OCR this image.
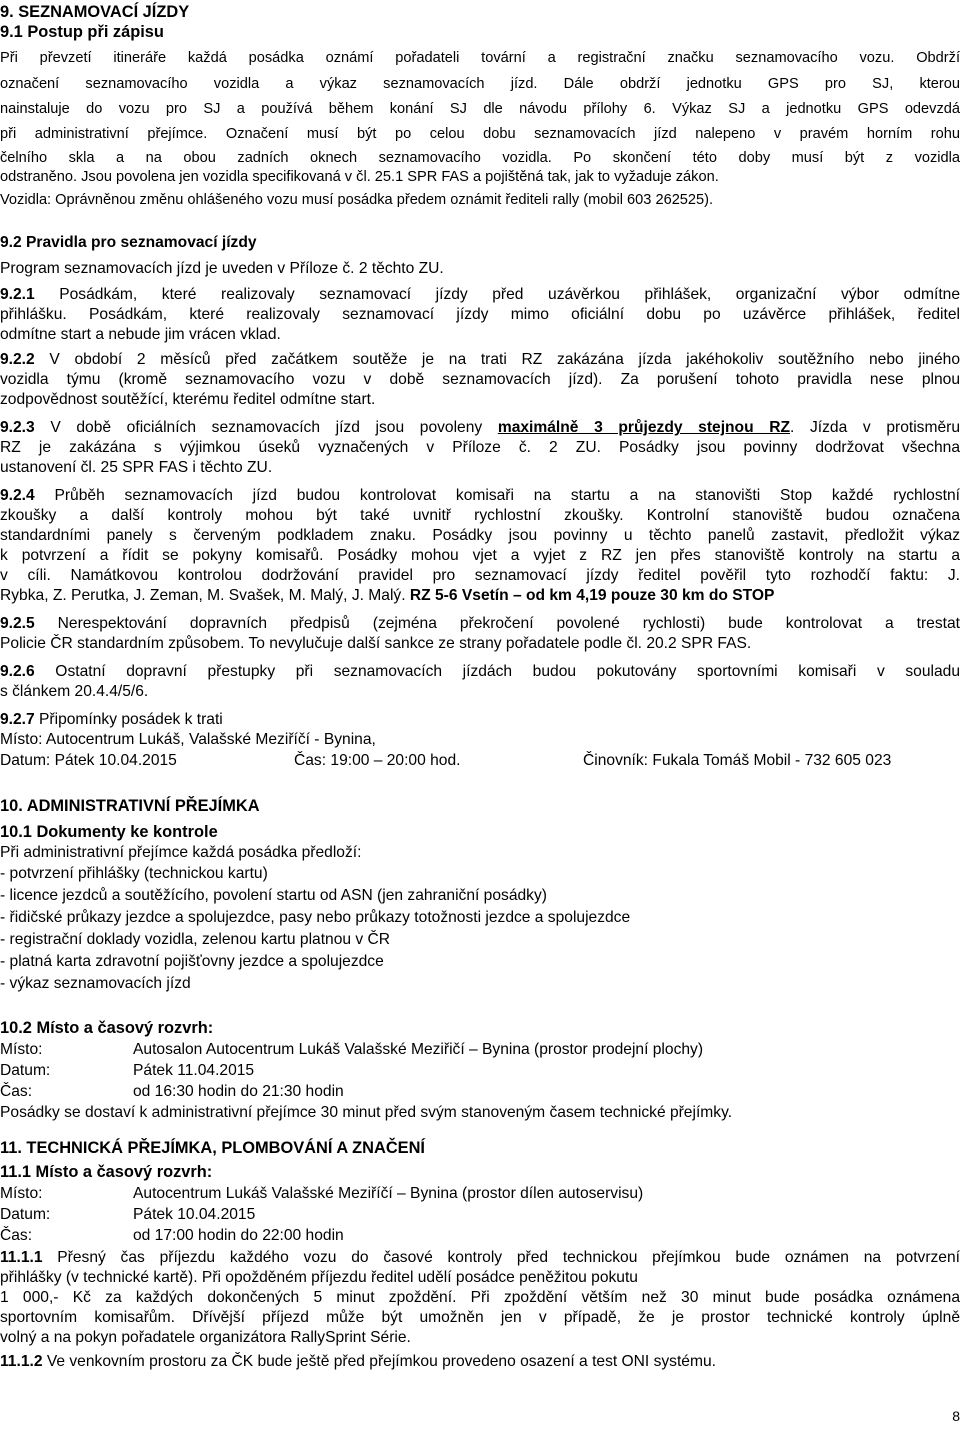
9. SEZNAMOVACÍ JÍZDY
9.1 Postup při zápisu
Při převzetí itineráře každá posádka oznámí pořadateli tovární a registrační značku seznamovacího vozu. Obdrží
označení seznamovacího vozidla a výkaz seznamovacích jízd. Dále obdrží jednotku GPS pro SJ, kterou
nainstaluje do vozu pro SJ a používá během konání SJ dle návodu přílohy 6. Výkaz SJ a jednotku GPS odevzdá
při administrativní přejímce. Označení musí být po celou dobu seznamovacích jízd nalepeno v pravém horním rohu
čelního skla a na obou zadních oknech seznamovacího vozidla. Po skončení této doby musí být z vozidla
odstraněno. Jsou povolena jen vozidla specifikovaná v čl. 25.1 SPR FAS a pojištěná tak, jak to vyžaduje zákon.
Vozidla: Oprávněnou změnu ohlášeného vozu musí posádka předem oznámit řediteli rally (mobil 603 262525).
9.2 Pravidla pro seznamovací jízdy
Program seznamovacích jízd je uveden v Příloze č. 2 těchto ZU.
9.2.1 Posádkám, které realizovaly seznamovací jízdy před uzávěrkou přihlášek, organizační výbor odmítne
přihlášku. Posádkám, které realizovaly seznamovací jízdy mimo oficiální dobu po uzávěrce přihlášek, ředitel
odmítne start a nebude jim vrácen vklad.
9.2.2 V období 2 měsíců před začátkem soutěže je na trati RZ zakázána jízda jakéhokoliv soutěžního nebo jiného
vozidla týmu (kromě seznamovacího vozu v době seznamovacích jízd). Za porušení tohoto pravidla nese plnou
zodpovědnost soutěžící, kterému ředitel odmítne start.
9.2.3 V době oficiálních seznamovacích jízd jsou povoleny maximálně 3 průjezdy stejnou RZ. Jízda v protisměru
RZ je zakázána s výjimkou úseků vyznačených v Příloze č. 2 ZU. Posádky jsou povinny dodržovat všechna
ustanovení čl. 25 SPR FAS i těchto ZU.
9.2.4 Průběh seznamovacích jízd budou kontrolovat komisaři na startu a na stanovišti Stop každé rychlostní
zkoušky a další kontroly mohou být také uvnitř rychlostní zkoušky. Kontrolní stanoviště budou označena
standardními panely s červeným podkladem znaku. Posádky jsou povinny u těchto panelů zastavit, předložit výkaz
k potvrzení a řídit se pokyny komisařů. Posádky mohou vjet a vyjet z RZ jen přes stanoviště kontroly na startu a
v cíli. Namátkovou kontrolou dodržování pravidel pro seznamovací jízdy ředitel pověřil tyto rozhodčí faktu: J.
Rybka, Z. Perutka, J. Zeman, M. Svašek, M. Malý, J. Malý. RZ 5-6 Vsetín – od km 4,19 pouze 30 km do STOP
9.2.5 Nerespektování dopravních předpisů (zejména překročení povolené rychlosti) bude kontrolovat a trestat
Policie ČR standardním způsobem. To nevylučuje další sankce ze strany pořadatele podle čl. 20.2 SPR FAS.
9.2.6 Ostatní dopravní přestupky při seznamovacích jízdách budou pokutovány sportovními komisaři v souladu
s článkem 20.4.4/5/6.
9.2.7 Připomínky posádek k trati
Místo: Autocentrum Lukáš, Valašské Meziříčí - Bynina,
Datum: Pátek 10.04.2015	Čas: 19:00 – 20:00 hod.	Činovník: Fukala Tomáš Mobil - 732 605 023
10. ADMINISTRATIVNÍ PŘEJÍMKA
10.1 Dokumenty ke kontrole
Při administrativní přejímce každá posádka předloží:
- potvrzení přihlášky (technickou kartu)
- licence jezdců a soutěžícího, povolení startu od ASN (jen zahraniční posádky)
- řidičské průkazy jezdce a spolujezdce, pasy nebo průkazy totožnosti jezdce a spolujezdce
- registrační doklady vozidla, zelenou kartu platnou v ČR
- platná karta zdravotní pojišťovny jezdce a spolujezdce
- výkaz seznamovacích jízd
10.2 Místo a časový rozvrh:
Místo:	Autosalon Autocentrum Lukáš Valašské Meziřičí – Bynina (prostor prodejní plochy)
Datum:	Pátek 11.04.2015
Čas:	od 16:30 hodin do 21:30 hodin
Posádky se dostaví k administrativní přejímce 30 minut před svým stanoveným časem technické přejímky.
11. TECHNICKÁ PŘEJÍMKA, PLOMBOVÁNÍ A ZNAČENÍ
11.1 Místo a časový rozvrh:
Místo:	Autocentrum Lukáš Valašské Meziříčí – Bynina (prostor dílen autoservisu)
Datum:	Pátek 10.04.2015
Čas:	od 17:00 hodin do 22:00 hodin
11.1.1 Přesný čas příjezdu každého vozu do časové kontroly před technickou přejímkou bude oznámen na potvrzení
přihlášky (v technické kartě). Při opožděném příjezdu ředitel udělí posádce peněžitou pokutu
1 000,- Kč za každých dokončených 5 minut zpoždění. Při zpoždění větším než 30 minut bude posádka oznámena
sportovním komisařům. Dřívější příjezd může být umožněn jen v případě, že je prostor technické kontroly úplně
volný a na pokyn pořadatele organizátora RallySprint Série.
11.1.2 Ve venkovním prostoru za ČK bude ještě před přejímkou provedeno osazení a test ONI systému.
8
